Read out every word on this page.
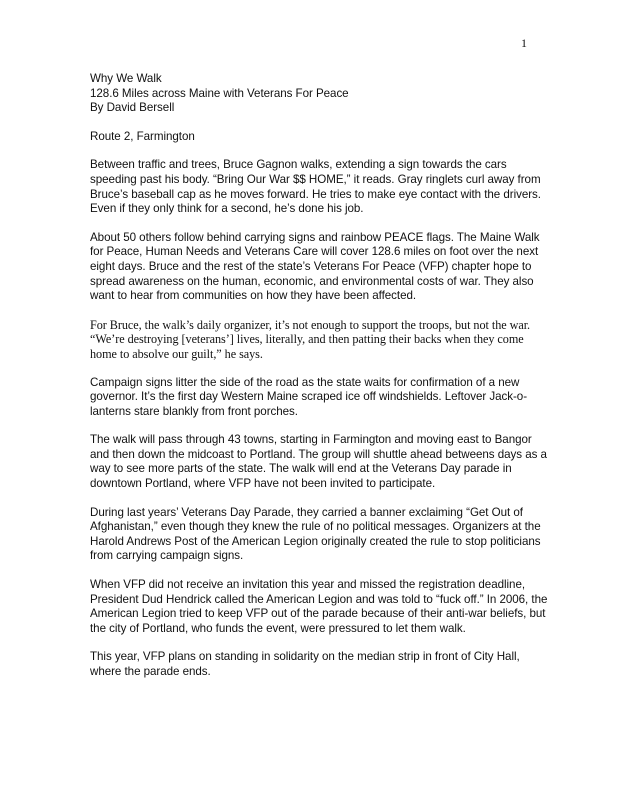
1
Why We Walk
128.6 Miles across Maine with Veterans For Peace
By David Bersell
Route 2, Farmington

Between traffic and trees, Bruce Gagnon walks, extending a sign towards the cars speeding past his body. “Bring Our War $$ HOME,” it reads. Gray ringlets curl away from Bruce’s baseball cap as he moves forward. He tries to make eye contact with the drivers. Even if they only think for a second, he’s done his job.

About 50 others follow behind carrying signs and rainbow PEACE flags. The Maine Walk for Peace, Human Needs and Veterans Care will cover 128.6 miles on foot over the next eight days. Bruce and the rest of the state’s Veterans For Peace (VFP) chapter hope to spread awareness on the human, economic, and environmental costs of war. They also want to hear from communities on how they have been affected.

For Bruce, the walk’s daily organizer, it’s not enough to support the troops, but not the war. “We’re destroying [veterans’] lives, literally, and then patting their backs when they come home to absolve our guilt,” he says.

Campaign signs litter the side of the road as the state waits for confirmation of a new governor. It’s the first day Western Maine scraped ice off windshields. Leftover Jack-o-lanterns stare blankly from front porches.

The walk will pass through 43 towns, starting in Farmington and moving east to Bangor and then down the midcoast to Portland. The group will shuttle ahead betweens days as a way to see more parts of the state. The walk will end at the Veterans Day parade in downtown Portland, where VFP have not been invited to participate.

During last years’ Veterans Day Parade, they carried a banner exclaiming “Get Out of Afghanistan,” even though they knew the rule of no political messages. Organizers at the Harold Andrews Post of the American Legion originally created the rule to stop politicians from carrying campaign signs.

When VFP did not receive an invitation this year and missed the registration deadline, President Dud Hendrick called the American Legion and was told to “fuck off.” In 2006, the American Legion tried to keep VFP out of the parade because of their anti-war beliefs, but the city of Portland, who funds the event, were pressured to let them walk.

This year, VFP plans on standing in solidarity on the median strip in front of City Hall, where the parade ends.
